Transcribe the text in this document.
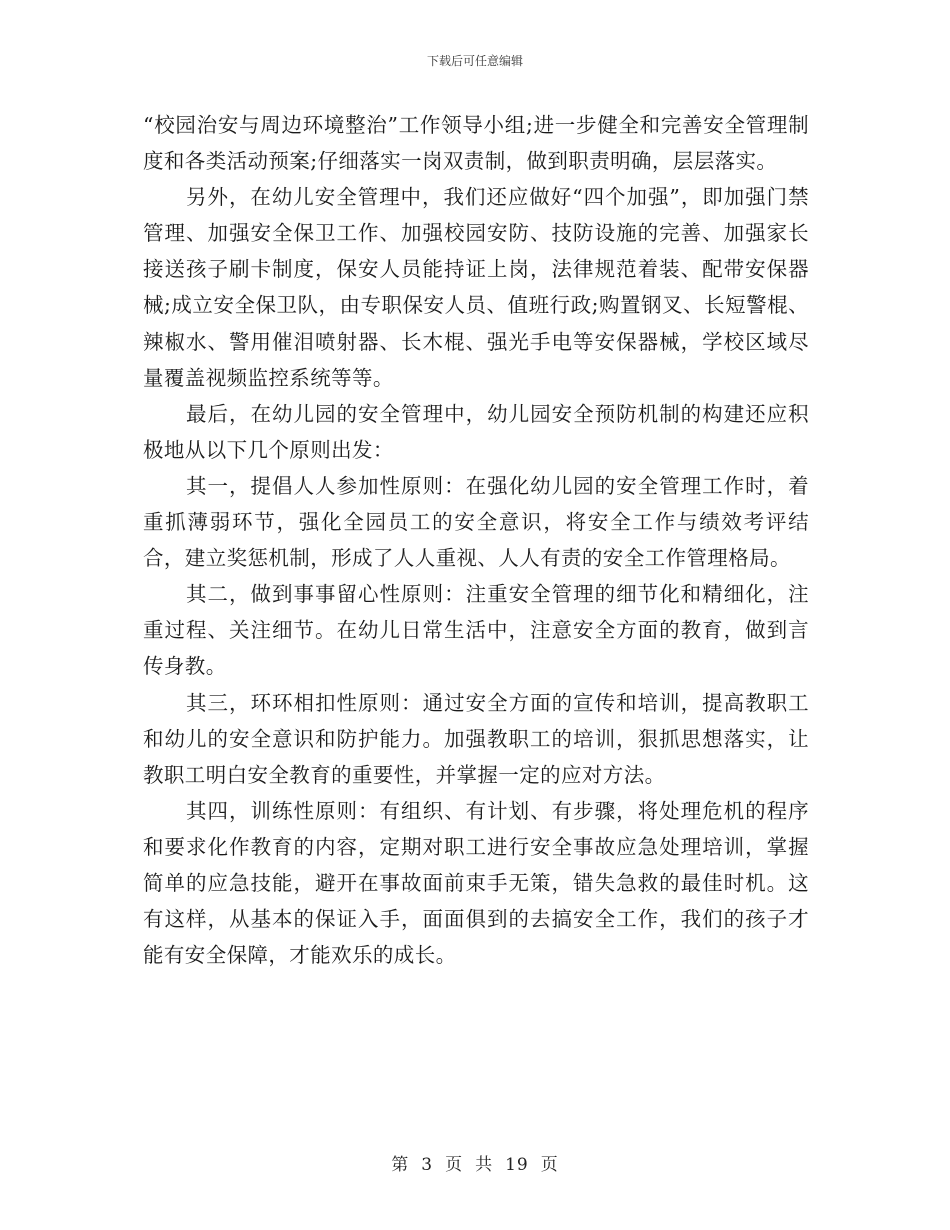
下载后可任意编辑

“校园治安与周边环境整治”工作领导小组;进一步健全和完善安全管理制度和各类活动预案;仔细落实一岗双责制，做到职责明确，层层落实。

另外，在幼儿安全管理中，我们还应做好“四个加强”，即加强门禁管理、加强安全保卫工作、加强校园安防、技防设施的完善、加强家长接送孩子刷卡制度，保安人员能持证上岗，法律规范着装、配带安保器械;成立安全保卫队，由专职保安人员、值班行政;购置钢叉、长短警棍、辣椒水、警用催泪喷射器、长木棍、强光手电等安保器械，学校区域尽量覆盖视频监控系统等等。

最后，在幼儿园的安全管理中，幼儿园安全预防机制的构建还应积极地从以下几个原则出发：

其一，提倡人人参加性原则：在强化幼儿园的安全管理工作时，着重抓薄弱环节，强化全园员工的安全意识，将安全工作与绩效考评结合，建立奖惩机制，形成了人人重视、人人有责的安全工作管理格局。

其二，做到事事留心性原则：注重安全管理的细节化和精细化，注重过程、关注细节。在幼儿日常生活中，注意安全方面的教育，做到言传身教。

其三，环环相扣性原则：通过安全方面的宣传和培训，提高教职工和幼儿的安全意识和防护能力。加强教职工的培训，狠抓思想落实，让教职工明白安全教育的重要性，并掌握一定的应对方法。

其四，训练性原则：有组织、有计划、有步骤，将处理危机的程序和要求化作教育的内容，定期对职工进行安全事故应急处理培训，掌握简单的应急技能，避开在事故面前束手无策，错失急救的最佳时机。这有这样，从基本的保证入手，面面俱到的去搞安全工作，我们的孩子才能有安全保障，才能欢乐的成长。

第 3 页 共 19 页
